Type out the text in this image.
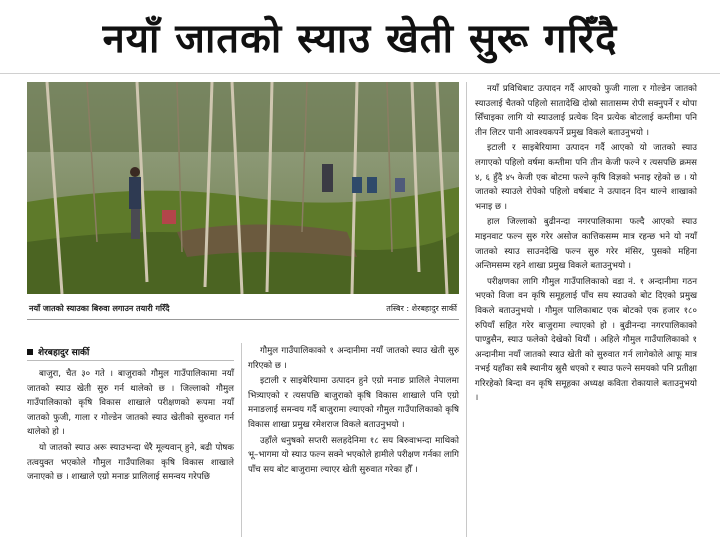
नयाँ जातको स्याउ खेती सुरू गरिँदै
नयाँ जातको स्याउका बिरुवा लगाउन तयारी गरिँदै	तस्बिर : शेरबहादुर सार्की

नयाँ प्रविधिबाट उत्पादन गर्दै आएको फुजी गाला र गोल्डेन जातको स्याउलाई चैतको पहिलो सातादेखि दोस्रो सातासम्म रोपी सक्नुपर्ने र थोपा सिँचाइका लागि यो स्याउलाई प्रत्येक दिन प्रत्येक बोटलाई कम्तीमा पनि तीन लिटर पानी आवश्यकपर्ने प्रमुख विकले बताउनुभयो ।

इटाली र साइबेरियामा उत्पादन गर्दै आएको यो जातको स्याउ लगाएको पहिलो वर्षमा कम्तीमा पनि तीन केजी फल्ने र त्यसपछि क्रमस ४, ६ हुँदै ४५ केजी एक बोटमा फल्ने कृषि विज्ञको भनाइ रहेको छ । यो जातको स्याउले रोपेको पहिलो वर्षबाट ने उत्पादन दिन थाल्ने शाखाको भनाइ छ ।

हाल जिल्लाको बुढीनन्दा नगरपालिकामा फल्दै आएको स्याउ माइनवाट फल्न सुरु गरेर असोज कात्तिकसम्म मात्र रहन्छ भने यो नयाँ जातको स्याउ साउनदेखि फल्न सुरु गरेर मंसिर, पुसको महिना अन्तिमसम्म रहने शाखा प्रमुख विकले बताउनुभयो ।

परीक्षणका लागि गौमुल गाउँपालिकाको वडा नं. १ अन्दानीमा गठन भएको विजा वन कृषि समूहलाई पाँच सय स्याउको बोट दिएको प्रमुख विकले बताउनुभयो । गौमुल पालिकाबाट एक बोटको एक हजार १८० रुपियाँ सहित गरेर बाजुरामा ल्याएको हो । बुढीनन्दा नगरपालिकाको पाण्डुसैन, स्याउ फलेको देखेको थियौं । अहिले गौमुल गाउँपालिकाको १ अन्दानीमा नयाँ जातको स्याउ खेती को सुरुवात गर्न लागेकोले आफू मात्र नभई यहाँका सबै स्थानीय स्रुसै धएको र स्याउ फल्ने समयको पनि प्रतीक्षा गरिरहेको बिन्दा वन कृषि समूहका अध्यक्ष कविता रोकायाले बताउनुभयो ।

शेरबहादुर सार्की

बाजुरा, चैत ३० गते । बाजुराको गौमुल गाउँपालिकामा नयाँ जातको स्याउ खेती सुरु गर्न थालेको छ । जिल्लाको गौमुल गाउँपालिकाको कृषि विकास शाखाले परीक्षणको रूपमा नयाँ जातको फुजी, गाला र गोल्डेन जातको स्याउ खेतीको सुरुवात गर्न थालेको हो ।

यो जातको स्याउ अरू स्याउभन्दा धेरै मूल्यवान् हुने, बढी पोषक तत्वयुक्त भएकोले गौमुल गाउँपालिका कृषि विकास शाखाले जनाएको छ । शाखाले एग्रो मनाङ प्रालिलाई समन्वय गरेपछि

गौमुल गाउँपालिकाको १ अन्दानीमा नयाँ जातको स्याउ खेती सुरु गरिएको छ ।

इटाली र साइबेरियामा उत्पादन हुने एग्रो मनाङ प्रालिले नेपालमा भित्र्याएको र त्यसपछि बाजुराको कृषि विकास शाखाले पनि एग्रो मनाङलाई समन्वय गर्दै बाजुरामा ल्याएको गौमुल गाउँपालिकाको कृषि विकास शाखा प्रमुख रमेशराज विकले बताउनुभयो ।

उहाँले धनुषको सप्तरी सलहदेनिमा १८ सय बिरुवाभन्दा माथिको भू–भागमा यो स्याउ फल्न सक्ने भएकोले हामीले परीक्षण गर्नका लागि पाँच सय बोट बाजुरामा ल्याएर खेती सुरुवात गरेका हौँ ।
